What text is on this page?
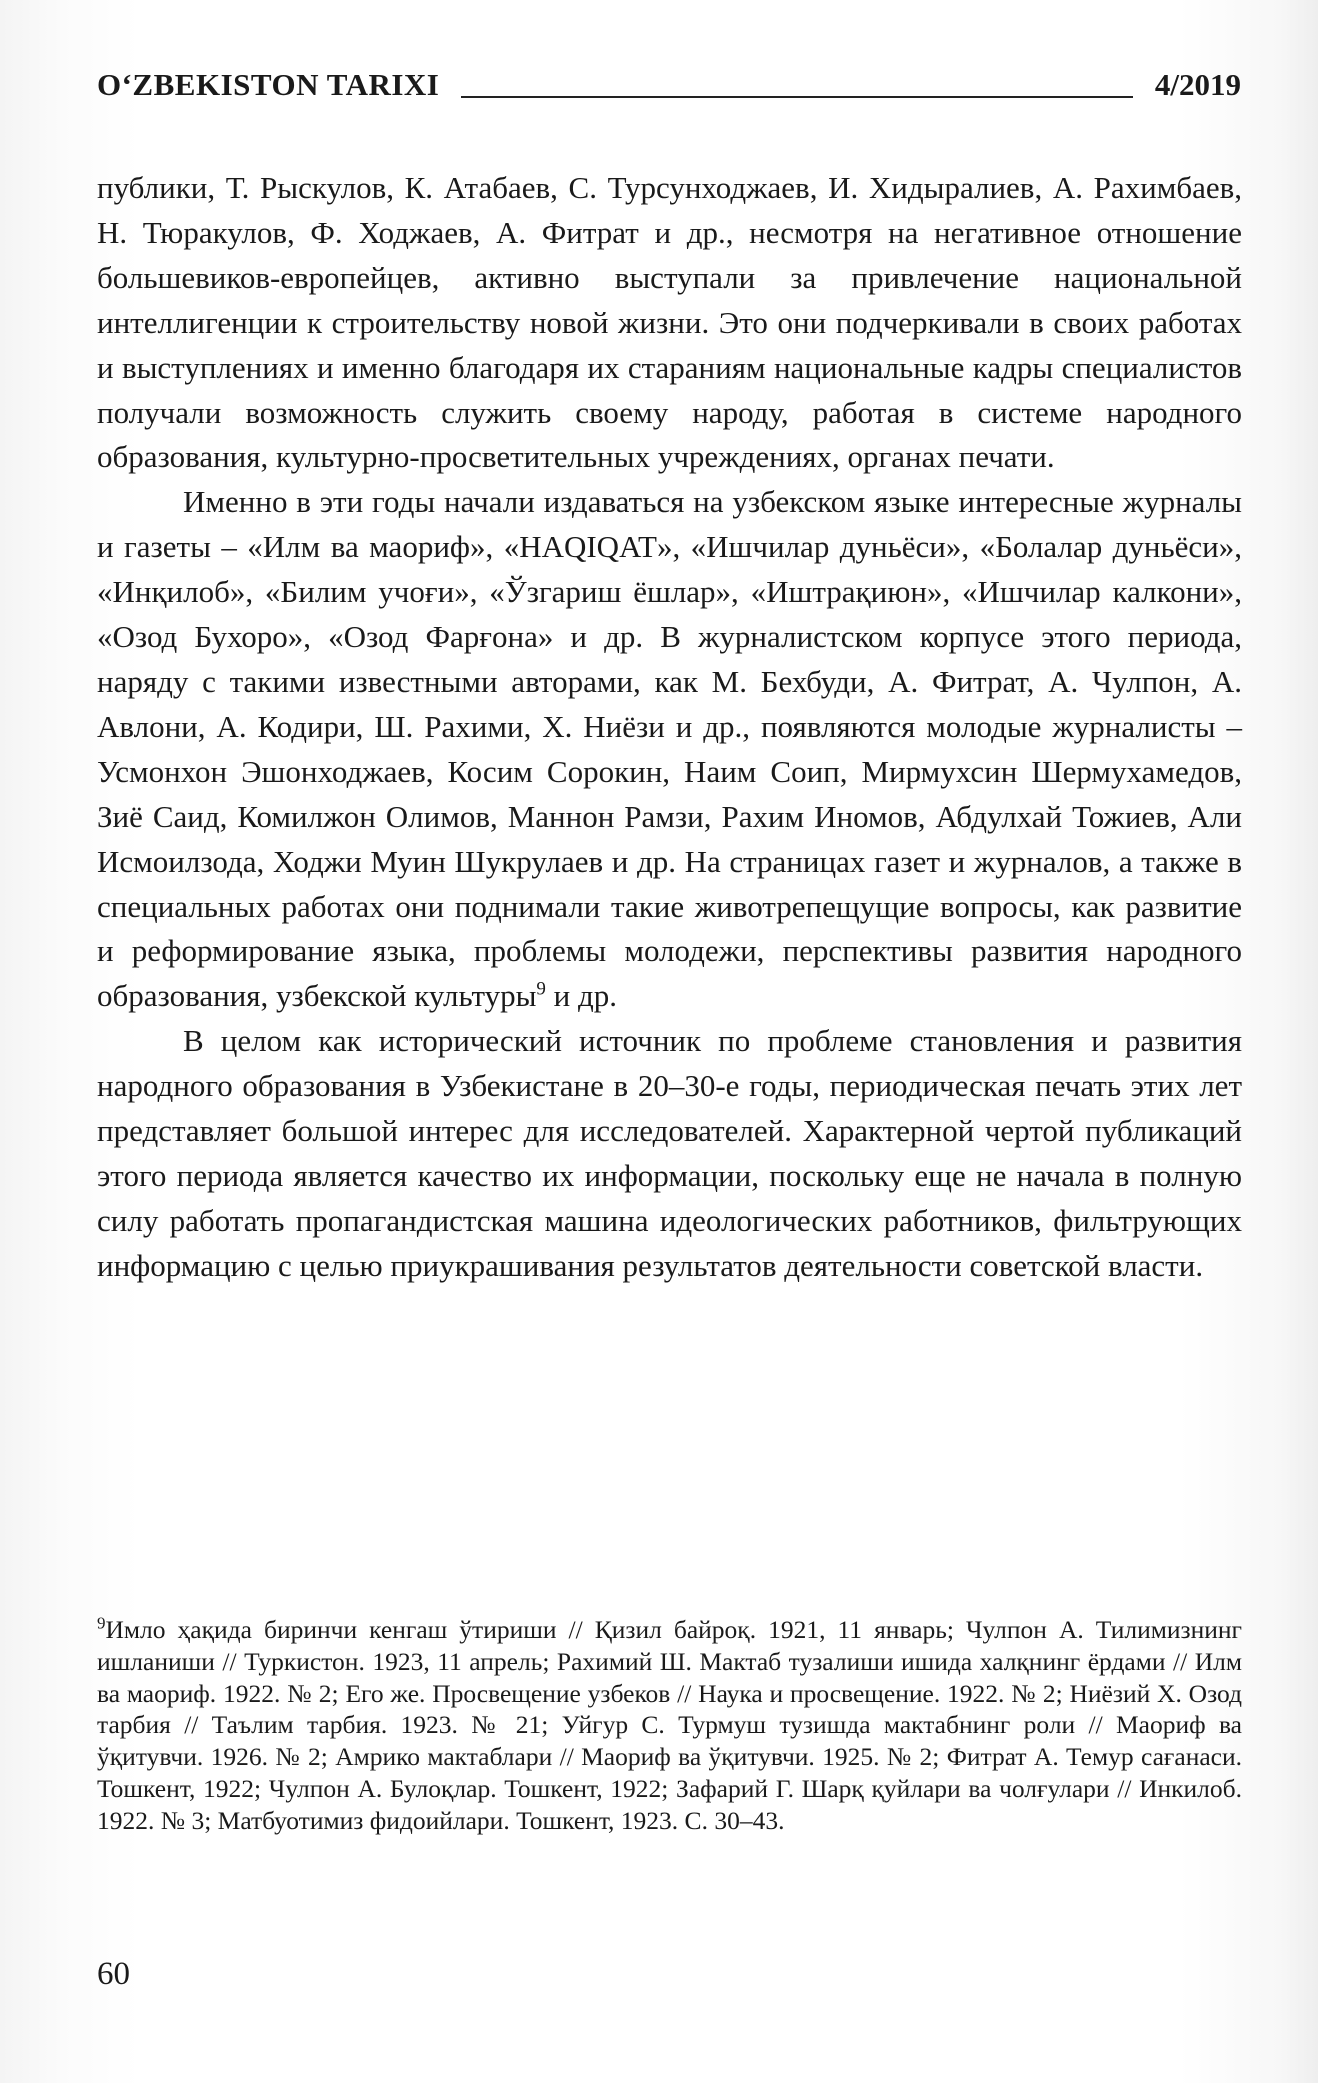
O‘ZBEKISTON TARIXI	4/2019

публики, Т. Рыскулов, К. Атабаев, С. Турсунходжаев, И. Хидыралиев, А. Рахимбаев, Н. Тюракулов, Ф. Ходжаев, А. Фитрат и др., несмотря на негативное отношение большевиков-европейцев, активно выступали за привлечение национальной интеллигенции к строительству новой жизни. Это они подчеркивали в своих работах и выступлениях и именно благодаря их стараниям национальные кадры специалистов получали возможность служить своему народу, работая в системе народного образования, культурно-просветительных учреждениях, органах печати.

Именно в эти годы начали издаваться на узбекском языке интересные журналы и газеты – «Илм ва маориф», «HAQIQAT», «Ишчилар дуньёси», «Болалар дуньёси», «Инқилоб», «Билим учоғи», «Ўзгариш ёшлар», «Иштрақиюн», «Ишчилар калкони», «Озод Бухоро», «Озод Фарғона» и др. В журналистском корпусе этого периода, наряду с такими известными авторами, как М. Бехбуди, А. Фитрат, А. Чулпон, А. Авлони, А. Кодири, Ш. Рахими, Х. Ниёзи и др., появляются молодые журналисты – Усмонхон Эшонходжаев, Косим Сорокин, Наим Соип, Мирмухсин Шермухамедов, Зиё Саид, Комилжон Олимов, Маннон Рамзи, Рахим Иномов, Абдулхай Тожиев, Али Исмоилзода, Ходжи Муин Шукрулаев и др. На страницах газет и журналов, а также в специальных работах они поднимали такие животрепещущие вопросы, как развитие и реформирование языка, проблемы молодежи, перспективы развития народного образования, узбекской культуры$^9$ и др.

В целом как исторический источник по проблеме становления и развития народного образования в Узбекистане в 20–30-е годы, периодическая печать этих лет представляет большой интерес для исследователей. Характерной чертой публикаций этого периода является качество их информации, поскольку еще не начала в полную силу работать пропагандистская машина идеологических работников, фильтрующих информацию с целью приукрашивания результатов деятельности советской власти.

$^9$Имло ҳақида биринчи кенгаш ўтириши // Қизил байроқ. 1921, 11 январь; Чулпон А. Тилимизнинг ишланиши // Туркистон. 1923, 11 апрель; Рахимий Ш. Мактаб тузалиши ишида халқнинг ёрдами // Илм ва маориф. 1922. № 2; Его же. Просвещение узбеков // Наука и просвещение. 1922. № 2; Ниёзий Х. Озод тарбия // Таълим тарбия. 1923. № 21; Уйгур С. Турмуш тузишда мактабнинг роли // Маориф ва ўқитувчи. 1926. № 2; Амрико мактаблари // Маориф ва ўқитувчи. 1925. № 2; Фитрат А. Темур сағанаси. Тошкент, 1922; Чулпон А. Булоқлар. Тошкент, 1922; Зафарий Г. Шарқ қуйлари ва чолғулари // Инкилоб. 1922. № 3; Матбуотимиз фидоийлари. Тошкент, 1923. С. 30–43.
60
